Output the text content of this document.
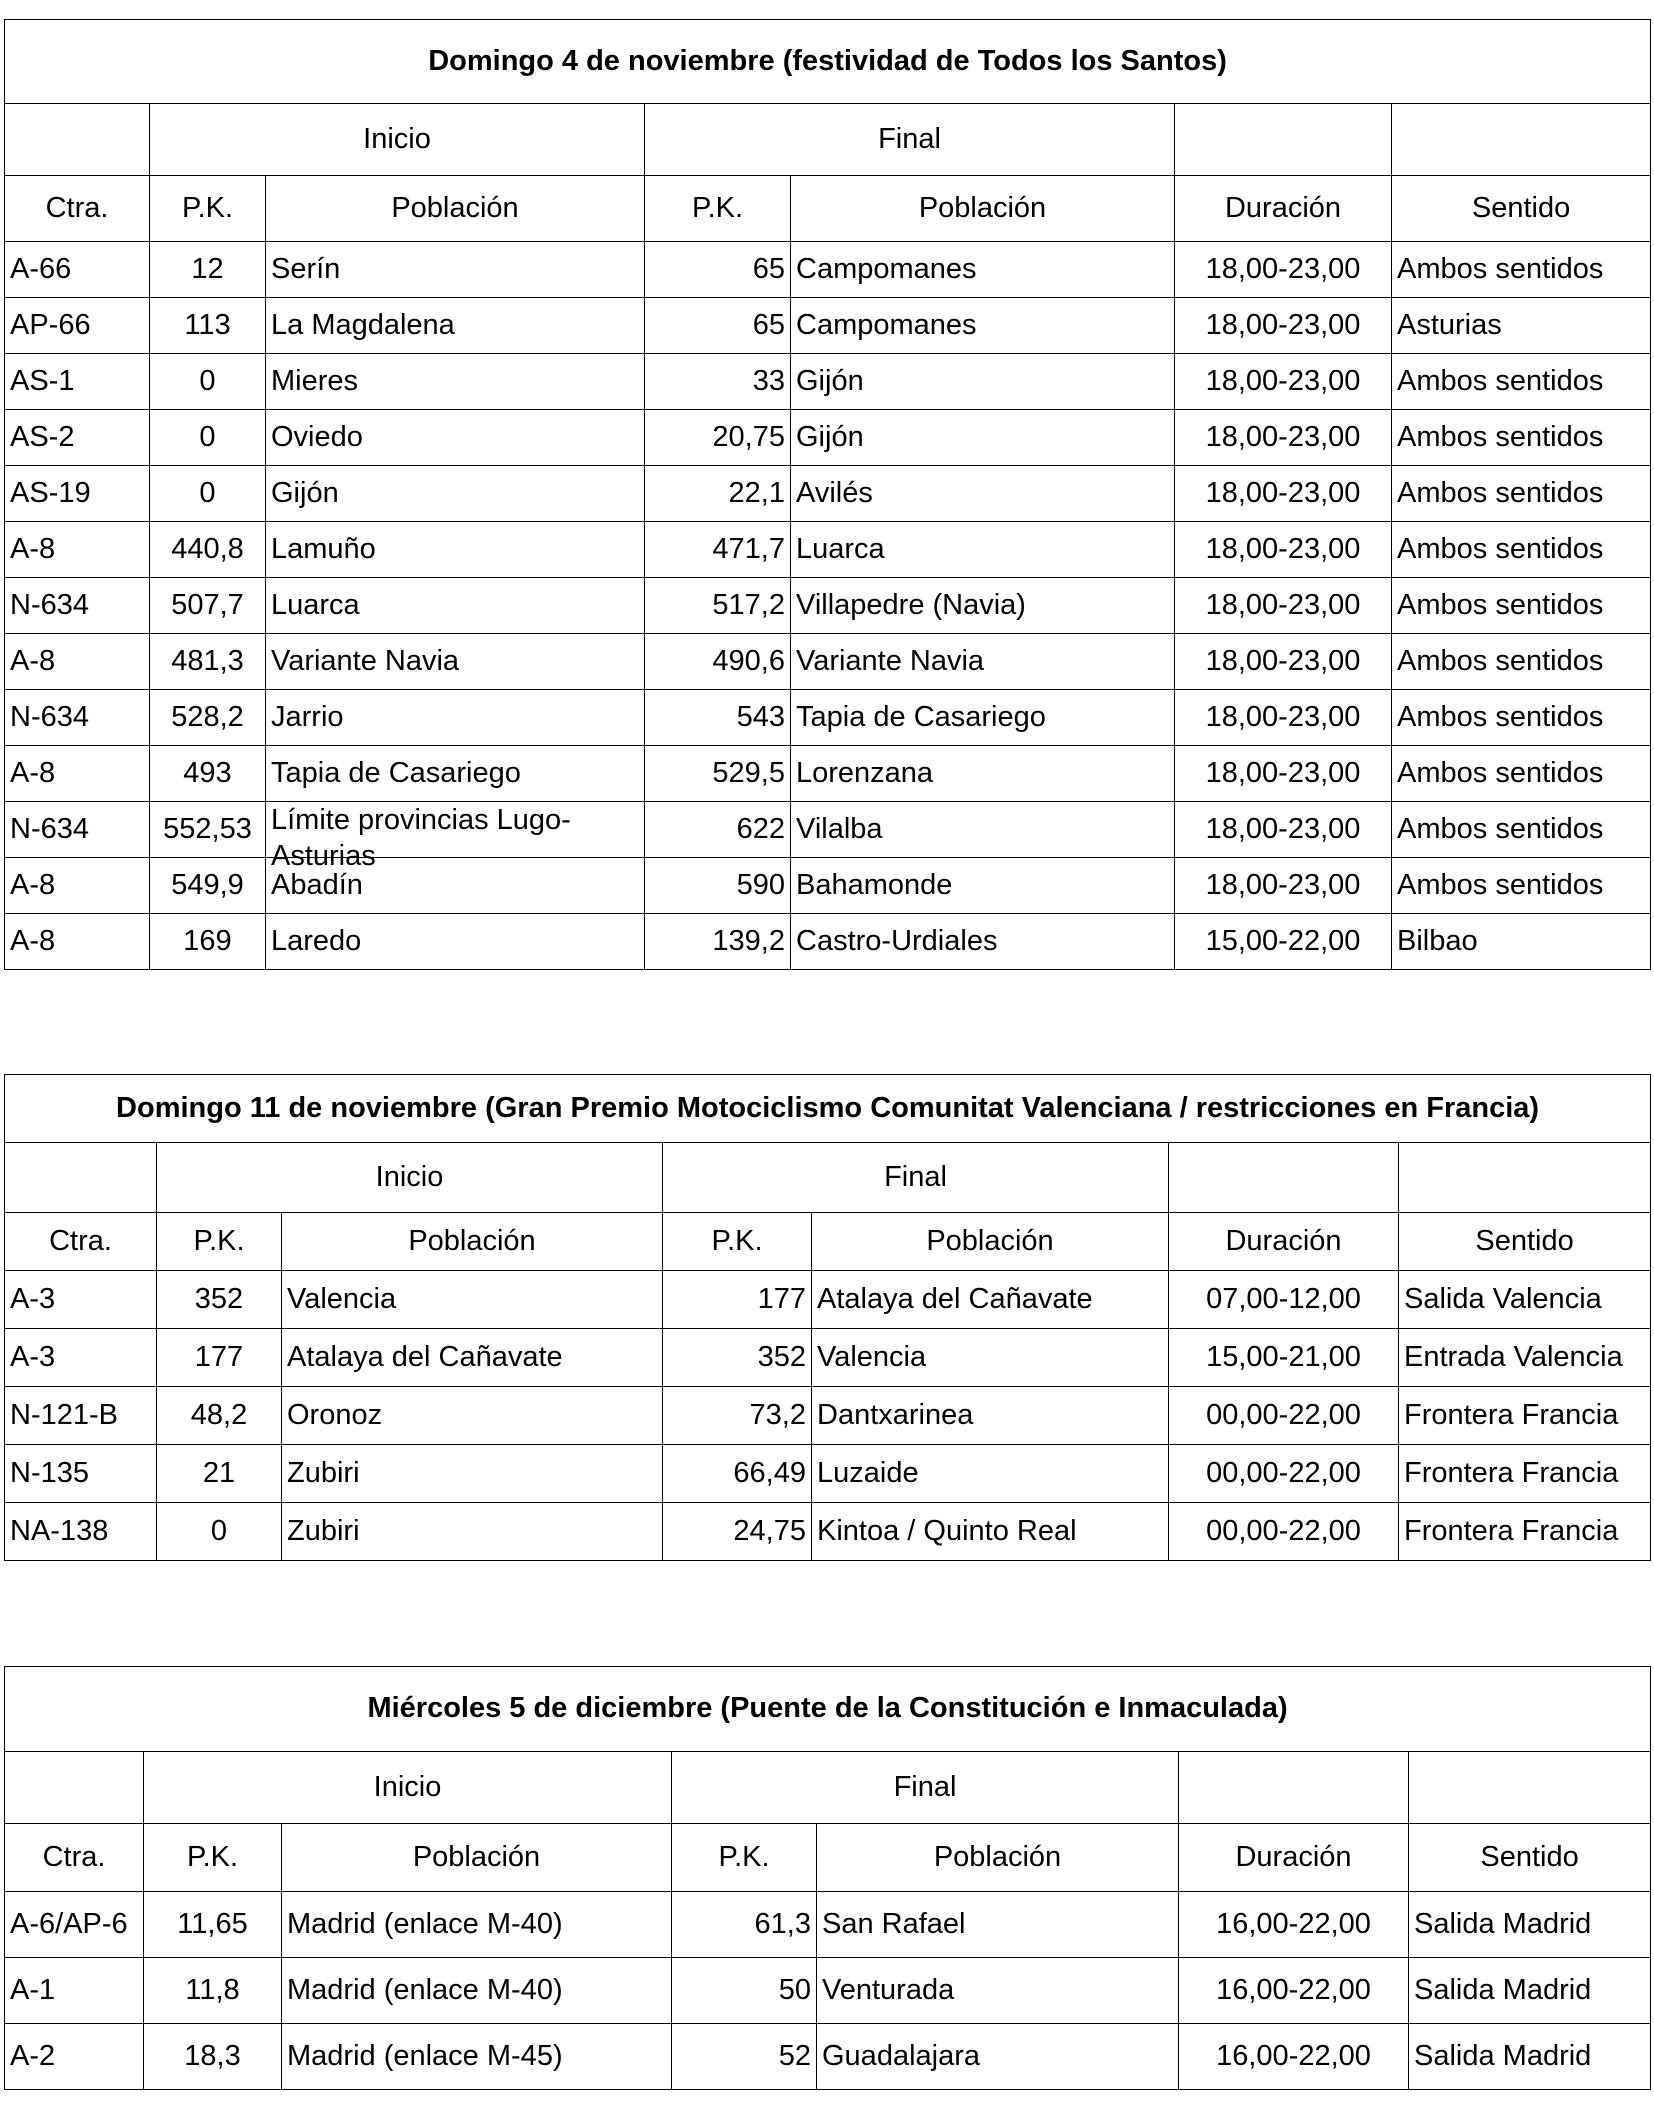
Domingo 4 de noviembre (festividad de Todos los Santos)						
	Inicio		Final			
Ctra.	P.K.	Población	P.K.	Población	Duración	Sentido
A-66	12	Serín	65	Campomanes	18,00-23,00	Ambos sentidos
AP-66	113	La Magdalena	65	Campomanes	18,00-23,00	Asturias
AS-1	0	Mieres	33	Gijón	18,00-23,00	Ambos sentidos
AS-2	0	Oviedo	20,75	Gijón	18,00-23,00	Ambos sentidos
AS-19	0	Gijón	22,1	Avilés	18,00-23,00	Ambos sentidos
A-8	440,8	Lamuño	471,7	Luarca	18,00-23,00	Ambos sentidos
N-634	507,7	Luarca	517,2	Villapedre (Navia)	18,00-23,00	Ambos sentidos
A-8	481,3	Variante Navia	490,6	Variante Navia	18,00-23,00	Ambos sentidos
N-634	528,2	Jarrio	543	Tapia de Casariego	18,00-23,00	Ambos sentidos
A-8	493	Tapia de Casariego	529,5	Lorenzana	18,00-23,00	Ambos sentidos
N-634	552,53	Límite provincias Lugo-Asturias	622	Vilalba	18,00-23,00	Ambos sentidos
A-8	549,9	Abadín	590	Bahamonde	18,00-23,00	Ambos sentidos
A-8	169	Laredo	139,2	Castro-Urdiales	15,00-22,00	Bilbao
Domingo 11 de noviembre (Gran Premio Motociclismo Comunitat Valenciana / restricciones en Francia)						
	Inicio		Final			
Ctra.	P.K.	Población	P.K.	Población	Duración	Sentido
A-3	352	Valencia	177	Atalaya del Cañavate	07,00-12,00	Salida Valencia
A-3	177	Atalaya del Cañavate	352	Valencia	15,00-21,00	Entrada Valencia
N-121-B	48,2	Oronoz	73,2	Dantxarinea	00,00-22,00	Frontera Francia
N-135	21	Zubiri	66,49	Luzaide	00,00-22,00	Frontera Francia
NA-138	0	Zubiri	24,75	Kintoa / Quinto Real	00,00-22,00	Frontera Francia
Miércoles 5 de diciembre (Puente de la Constitución e Inmaculada)						
	Inicio		Final			
Ctra.	P.K.	Población	P.K.	Población	Duración	Sentido
A-6/AP-6	11,65	Madrid (enlace M-40)	61,3	San Rafael	16,00-22,00	Salida Madrid
A-1	11,8	Madrid (enlace M-40)	50	Venturada	16,00-22,00	Salida Madrid
A-2	18,3	Madrid (enlace M-45)	52	Guadalajara	16,00-22,00	Salida Madrid
